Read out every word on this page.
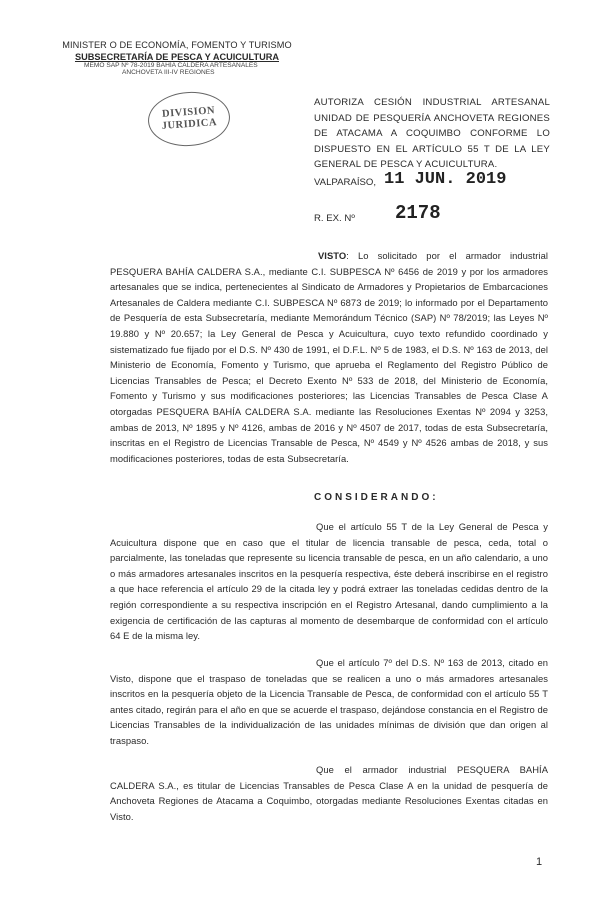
MINISTER O DE ECONOMÍA, FOMENTO Y TURISMO
SUBSECRETARÍA DE PESCA Y ACUICULTURA
MEMO SAP Nº 78-2019 BAHÍA CALDERA ARTESANALES
ANCHOVETA III-IV REGIONES
DIVISION
JURIDICA
AUTORIZA CESIÓN INDUSTRIAL ARTESANAL UNIDAD DE PESQUERÍA ANCHOVETA REGIONES DE ATACAMA A COQUIMBO CONFORME LO DISPUESTO EN EL ARTÍCULO 55 T DE LA LEY GENERAL DE PESCA Y ACUICULTURA.
VALPARAÍSO, 11 JUN. 2019
R. EX. Nº 2178
VISTO: Lo solicitado por el armador industrial PESQUERA BAHÍA CALDERA S.A., mediante C.I. SUBPESCA Nº 6456 de 2019 y por los armadores artesanales que se indica, pertenecientes al Sindicato de Armadores y Propietarios de Embarcaciones Artesanales de Caldera mediante C.I. SUBPESCA Nº 6873 de 2019; lo informado por el Departamento de Pesquería de esta Subsecretaría, mediante Memorándum Técnico (SAP) Nº 78/2019; las Leyes Nº 19.880 y Nº 20.657; la Ley General de Pesca y Acuicultura, cuyo texto refundido coordinado y sistematizado fue fijado por el D.S. Nº 430 de 1991, el D.F.L. Nº 5 de 1983, el D.S. Nº 163 de 2013, del Ministerio de Economía, Fomento y Turismo, que aprueba el Reglamento del Registro Público de Licencias Transables de Pesca; el Decreto Exento Nº 533 de 2018, del Ministerio de Economía, Fomento y Turismo y sus modificaciones posteriores; las Licencias Transables de Pesca Clase A otorgadas PESQUERA BAHÍA CALDERA S.A. mediante las Resoluciones Exentas Nº 2094 y 3253, ambas de 2013, Nº 1895 y Nº 4126, ambas de 2016 y Nº 4507 de 2017, todas de esta Subsecretaría, inscritas en el Registro de Licencias Transable de Pesca, Nº 4549 y Nº 4526 ambas de 2018, y sus modificaciones posteriores, todas de esta Subsecretaría.
CONSIDERANDO:
Que el artículo 55 T de la Ley General de Pesca y Acuicultura dispone que en caso que el titular de licencia transable de pesca, ceda, total o parcialmente, las toneladas que represente su licencia transable de pesca, en un año calendario, a uno o más armadores artesanales inscritos en la pesquería respectiva, éste deberá inscribirse en el registro a que hace referencia el artículo 29 de la citada ley y podrá extraer las toneladas cedidas dentro de la región correspondiente a su respectiva inscripción en el Registro Artesanal, dando cumplimiento a la exigencia de certificación de las capturas al momento de desembarque de conformidad con el artículo 64 E de la misma ley.
Que el artículo 7º del D.S. Nº 163 de 2013, citado en Visto, dispone que el traspaso de toneladas que se realicen a uno o más armadores artesanales inscritos en la pesquería objeto de la Licencia Transable de Pesca, de conformidad con el artículo 55 T antes citado, regirán para el año en que se acuerde el traspaso, dejándose constancia en el Registro de Licencias Transables de la individualización de las unidades mínimas de división que dan origen al traspaso.
Que el armador industrial PESQUERA BAHÍA CALDERA S.A., es titular de Licencias Transables de Pesca Clase A en la unidad de pesquería de Anchoveta Regiones de Atacama a Coquimbo, otorgadas mediante Resoluciones Exentas citadas en Visto.
1
